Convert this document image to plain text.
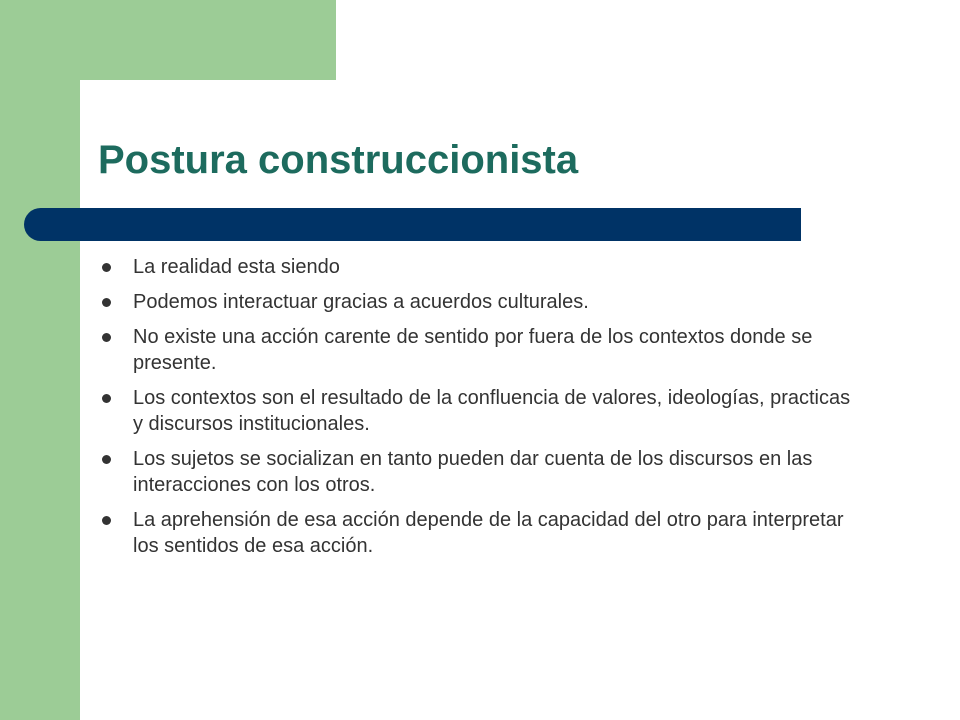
Postura construccionista
La realidad esta siendo
Podemos interactuar gracias a acuerdos culturales.
No existe una acción carente de sentido por fuera de los contextos donde se presente.
Los contextos son el resultado de la confluencia de valores, ideologías, practicas y discursos institucionales.
Los sujetos se socializan en tanto pueden dar cuenta de los discursos en las interacciones con los otros.
La aprehensión de esa acción depende de la capacidad del otro para interpretar los sentidos de esa acción.
